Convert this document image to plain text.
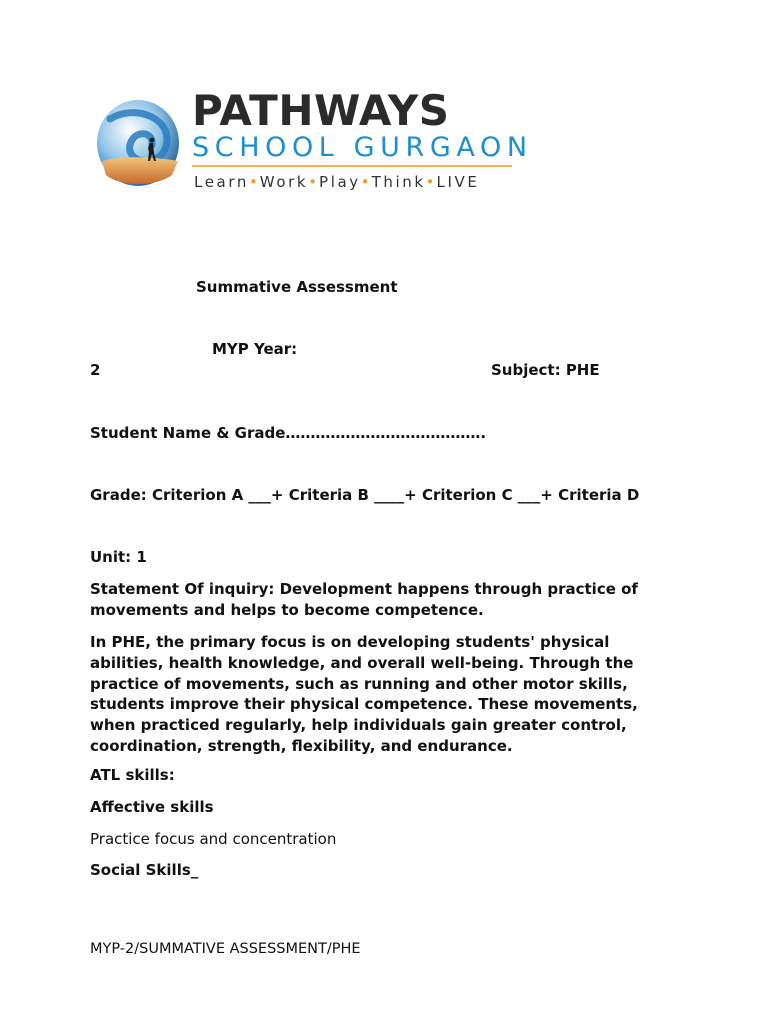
PATHWAYS
SCHOOL GURGAON
Learn•Work•Play•Think•LIVE
Summative Assessment
MYP Year:
2	Subject: PHE
Student Name & Grade………………………………….
Grade: Criterion A ___+ Criteria B ____+ Criterion C ___+ Criteria D
Unit: 1
Statement Of inquiry: Development happens through practice of movements and helps to become competence.
In PHE, the primary focus is on developing students' physical abilities, health knowledge, and overall well-being. Through the practice of movements, such as running and other motor skills, students improve their physical competence. These movements, when practiced regularly, help individuals gain greater control, coordination, strength, flexibility, and endurance.
ATL skills:
Affective skills
Practice focus and concentration
Social Skills_
MYP-2/SUMMATIVE ASSESSMENT/PHE
